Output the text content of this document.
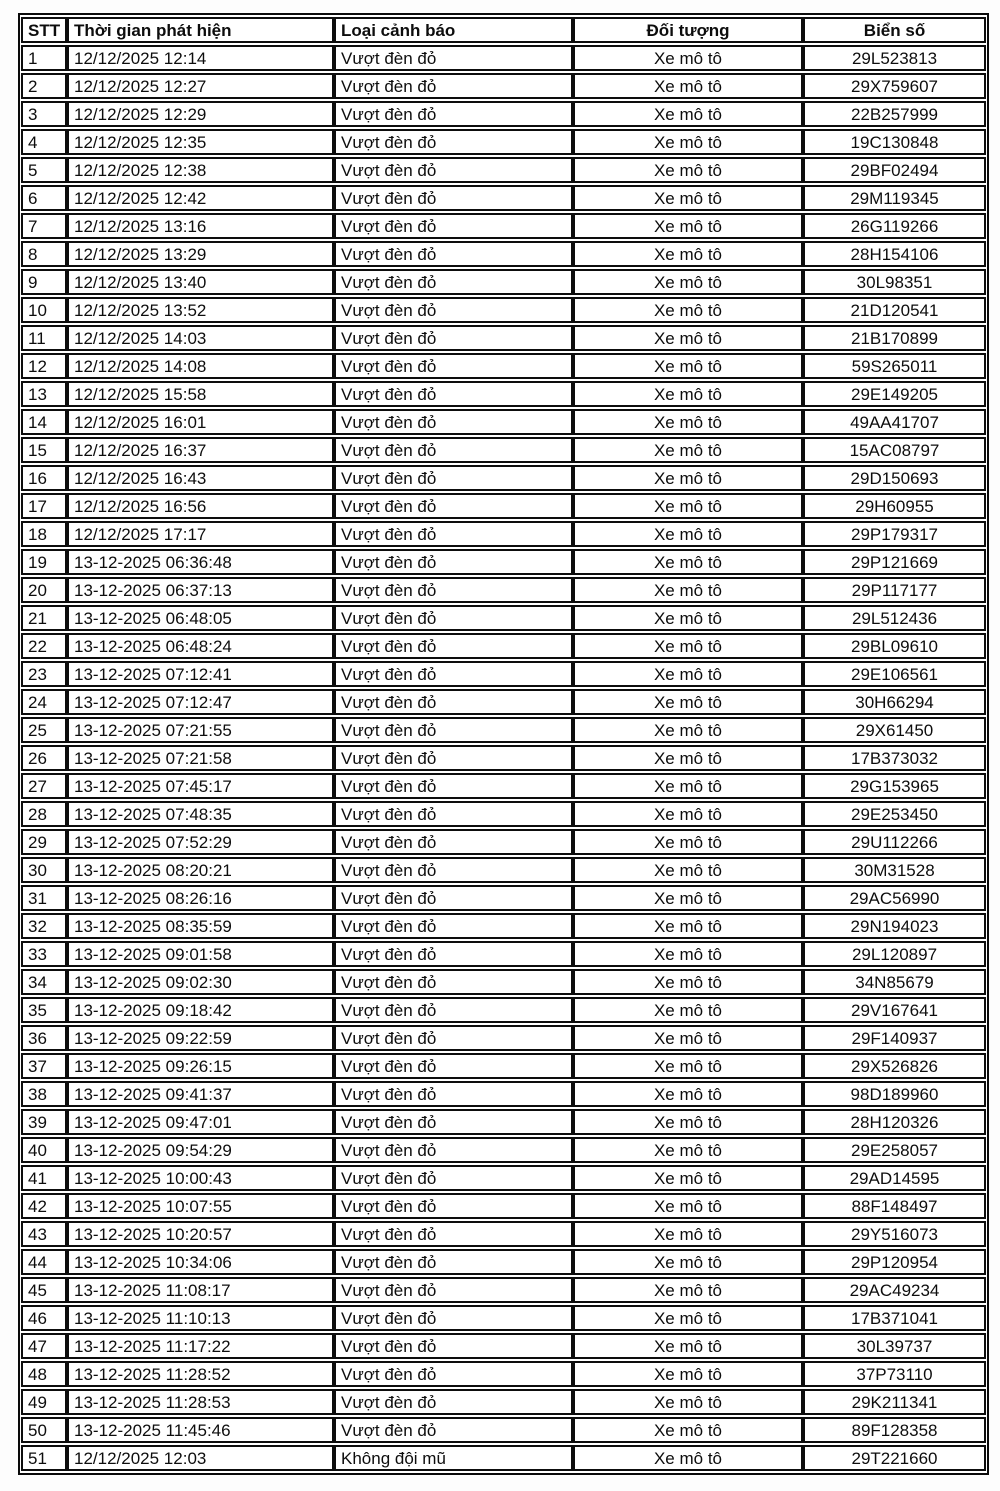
STT	Thời gian phát hiện	Loại cảnh báo	Đối tượng	Biển số
1	12/12/2025 12:14	Vượt đèn đỏ	Xe mô tô	29L523813
2	12/12/2025 12:27	Vượt đèn đỏ	Xe mô tô	29X759607
3	12/12/2025 12:29	Vượt đèn đỏ	Xe mô tô	22B257999
4	12/12/2025 12:35	Vượt đèn đỏ	Xe mô tô	19C130848
5	12/12/2025 12:38	Vượt đèn đỏ	Xe mô tô	29BF02494
6	12/12/2025 12:42	Vượt đèn đỏ	Xe mô tô	29M119345
7	12/12/2025 13:16	Vượt đèn đỏ	Xe mô tô	26G119266
8	12/12/2025 13:29	Vượt đèn đỏ	Xe mô tô	28H154106
9	12/12/2025 13:40	Vượt đèn đỏ	Xe mô tô	30L98351
10	12/12/2025 13:52	Vượt đèn đỏ	Xe mô tô	21D120541
11	12/12/2025 14:03	Vượt đèn đỏ	Xe mô tô	21B170899
12	12/12/2025 14:08	Vượt đèn đỏ	Xe mô tô	59S265011
13	12/12/2025 15:58	Vượt đèn đỏ	Xe mô tô	29E149205
14	12/12/2025 16:01	Vượt đèn đỏ	Xe mô tô	49AA41707
15	12/12/2025 16:37	Vượt đèn đỏ	Xe mô tô	15AC08797
16	12/12/2025 16:43	Vượt đèn đỏ	Xe mô tô	29D150693
17	12/12/2025 16:56	Vượt đèn đỏ	Xe mô tô	29H60955
18	12/12/2025 17:17	Vượt đèn đỏ	Xe mô tô	29P179317
19	13-12-2025 06:36:48	Vượt đèn đỏ	Xe mô tô	29P121669
20	13-12-2025 06:37:13	Vượt đèn đỏ	Xe mô tô	29P117177
21	13-12-2025 06:48:05	Vượt đèn đỏ	Xe mô tô	29L512436
22	13-12-2025 06:48:24	Vượt đèn đỏ	Xe mô tô	29BL09610
23	13-12-2025 07:12:41	Vượt đèn đỏ	Xe mô tô	29E106561
24	13-12-2025 07:12:47	Vượt đèn đỏ	Xe mô tô	30H66294
25	13-12-2025 07:21:55	Vượt đèn đỏ	Xe mô tô	29X61450
26	13-12-2025 07:21:58	Vượt đèn đỏ	Xe mô tô	17B373032
27	13-12-2025 07:45:17	Vượt đèn đỏ	Xe mô tô	29G153965
28	13-12-2025 07:48:35	Vượt đèn đỏ	Xe mô tô	29E253450
29	13-12-2025 07:52:29	Vượt đèn đỏ	Xe mô tô	29U112266
30	13-12-2025 08:20:21	Vượt đèn đỏ	Xe mô tô	30M31528
31	13-12-2025 08:26:16	Vượt đèn đỏ	Xe mô tô	29AC56990
32	13-12-2025 08:35:59	Vượt đèn đỏ	Xe mô tô	29N194023
33	13-12-2025 09:01:58	Vượt đèn đỏ	Xe mô tô	29L120897
34	13-12-2025 09:02:30	Vượt đèn đỏ	Xe mô tô	34N85679
35	13-12-2025 09:18:42	Vượt đèn đỏ	Xe mô tô	29V167641
36	13-12-2025 09:22:59	Vượt đèn đỏ	Xe mô tô	29F140937
37	13-12-2025 09:26:15	Vượt đèn đỏ	Xe mô tô	29X526826
38	13-12-2025 09:41:37	Vượt đèn đỏ	Xe mô tô	98D189960
39	13-12-2025 09:47:01	Vượt đèn đỏ	Xe mô tô	28H120326
40	13-12-2025 09:54:29	Vượt đèn đỏ	Xe mô tô	29E258057
41	13-12-2025 10:00:43	Vượt đèn đỏ	Xe mô tô	29AD14595
42	13-12-2025 10:07:55	Vượt đèn đỏ	Xe mô tô	88F148497
43	13-12-2025 10:20:57	Vượt đèn đỏ	Xe mô tô	29Y516073
44	13-12-2025 10:34:06	Vượt đèn đỏ	Xe mô tô	29P120954
45	13-12-2025 11:08:17	Vượt đèn đỏ	Xe mô tô	29AC49234
46	13-12-2025 11:10:13	Vượt đèn đỏ	Xe mô tô	17B371041
47	13-12-2025 11:17:22	Vượt đèn đỏ	Xe mô tô	30L39737
48	13-12-2025 11:28:52	Vượt đèn đỏ	Xe mô tô	37P73110
49	13-12-2025 11:28:53	Vượt đèn đỏ	Xe mô tô	29K211341
50	13-12-2025 11:45:46	Vượt đèn đỏ	Xe mô tô	89F128358
51	12/12/2025 12:03	Không đội mũ	Xe mô tô	29T221660
